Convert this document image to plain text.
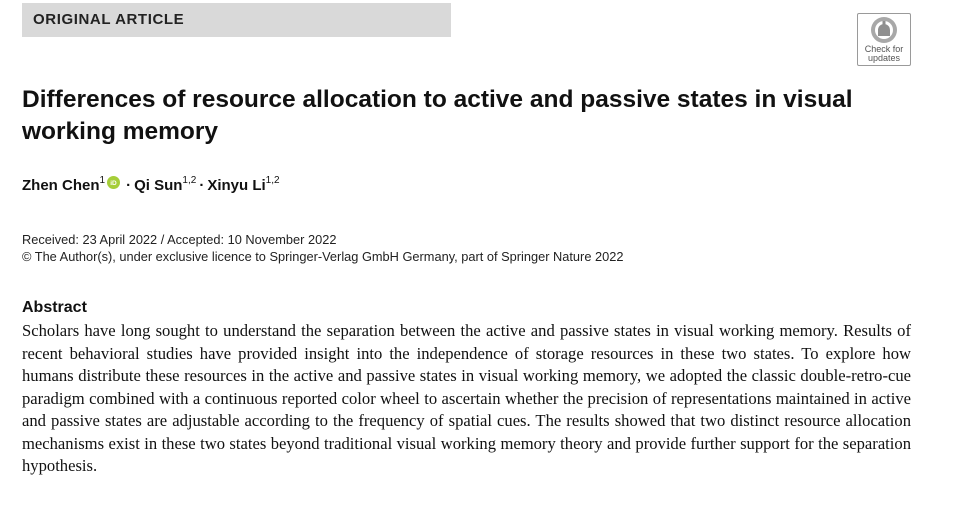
ORIGINAL ARTICLE
Check for
updates
Differences of resource allocation to active and passive states in visual working memory
Zhen Chen$^1$ iD · Qi Sun$^{1,2}$ · Xinyu Li$^{1,2}$
Received: 23 April 2022 / Accepted: 10 November 2022
© The Author(s), under exclusive licence to Springer-Verlag GmbH Germany, part of Springer Nature 2022
Abstract
Scholars have long sought to understand the separation between the active and passive states in visual working memory. Results of recent behavioral studies have provided insight into the independence of storage resources in these two states. To explore how humans distribute these resources in the active and passive states in visual working memory, we adopted the classic double-retro-cue paradigm combined with a continuous reported color wheel to ascertain whether the precision of representations maintained in active and passive states are adjustable according to the frequency of spatial cues. The results showed that two distinct resource allocation mechanisms exist in these two states beyond traditional visual working memory theory and provide further support for the separation hypothesis.
